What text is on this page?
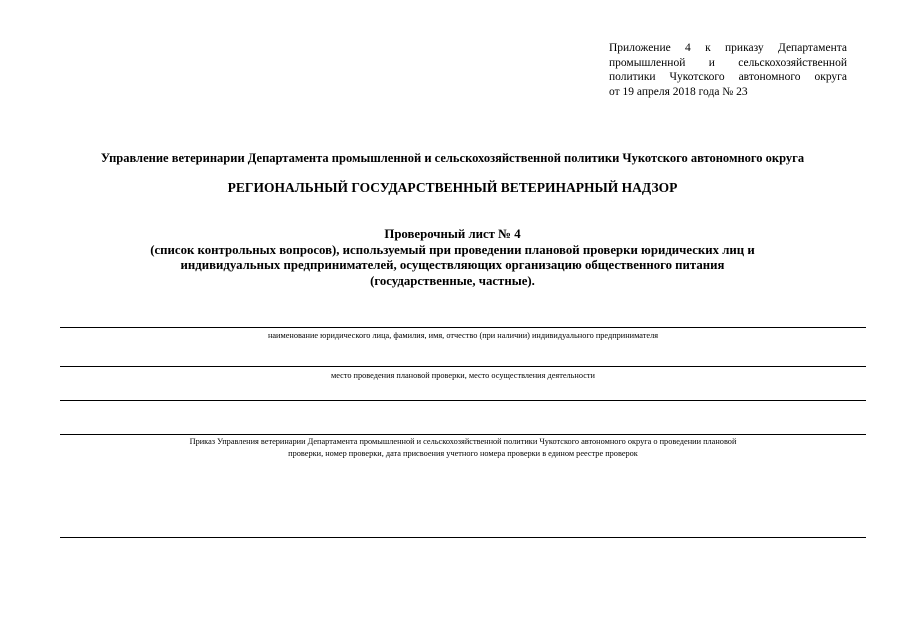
Приложение 4 к приказу Департамента
промышленной и сельскохозяйственной
политики Чукотского автономного округа
от 19 апреля 2018 года № 23
Управление ветеринарии Департамента промышленной и сельскохозяйственной политики Чукотского автономного округа
РЕГИОНАЛЬНЫЙ ГОСУДАРСТВЕННЫЙ ВЕТЕРИНАРНЫЙ НАДЗОР
Проверочный лист № 4
(список контрольных вопросов), используемый при проведении плановой проверки юридических лиц и
индивидуальных предпринимателей, осуществляющих организацию общественного питания
(государственные, частные).
наименование юридического лица, фамилия, имя, отчество (при наличии) индивидуального предпринимателя
место проведения плановой проверки, место осуществления деятельности
Приказ Управления ветеринарии Департамента промышленной и сельскохозяйственной политики Чукотского автономного округа о проведении плановой
проверки, номер проверки, дата присвоения учетного номера проверки в едином реестре проверок
